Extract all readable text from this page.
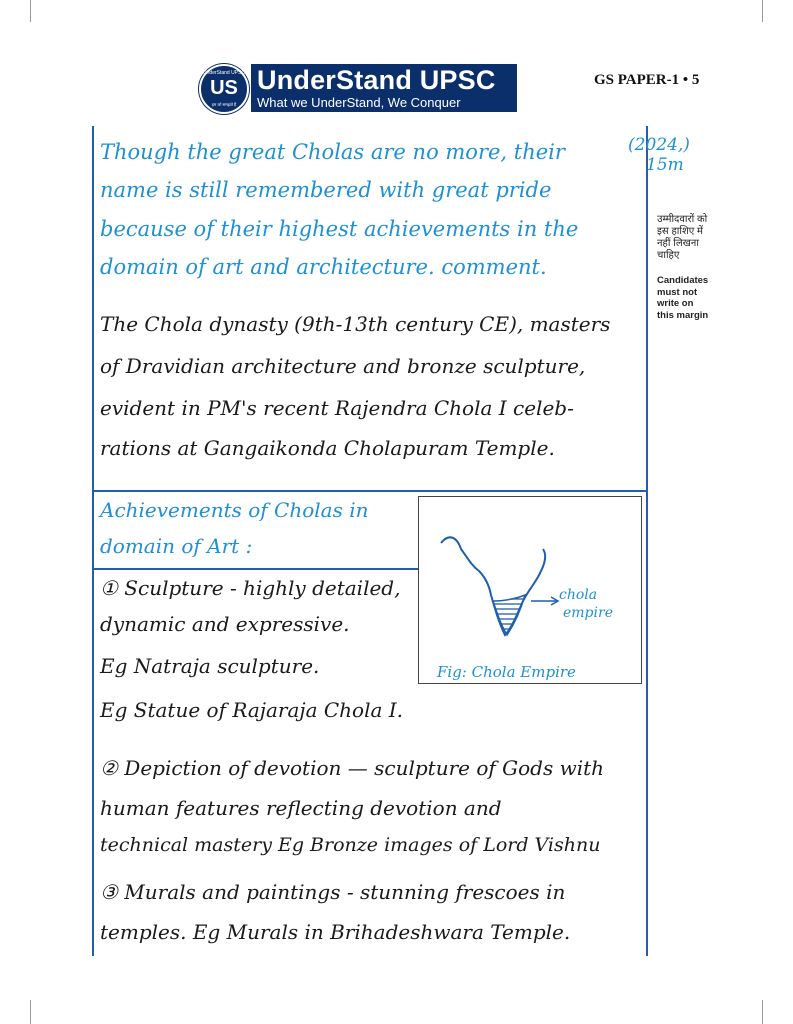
UnderStand UPSC
US
हम जो समझते हैं
UnderStand UPSC
What we UnderStand, We Conquer
GS PAPER-1 • 5
(2024,)
15m
उम्मीदवारों को
इस हाशिए में
नहीं लिखना
चाहिए
Candidates
must not
write on
this margin
Though the great Cholas are no more, their
name is still remembered with great pride
because of their highest achievements in the
domain of art and architecture. comment.
The Chola dynasty (9th-13th century CE), masters
of Dravidian architecture and bronze sculpture,
evident in PM's recent Rajendra Chola I celeb-
rations at Gangaikonda Cholapuram Temple.
Achievements of Cholas in
domain of Art :
① Sculpture - highly detailed,
dynamic and expressive.
Eg Natraja sculpture.
Eg Statue of Rajaraja Chola I.
② Depiction of devotion — sculpture of Gods with
human features reflecting devotion and
technical mastery Eg Bronze images of Lord Vishnu
③ Murals and paintings - stunning frescoes in
temples. Eg Murals in Brihadeshwara Temple.
chola
empire
Fig: Chola Empire
